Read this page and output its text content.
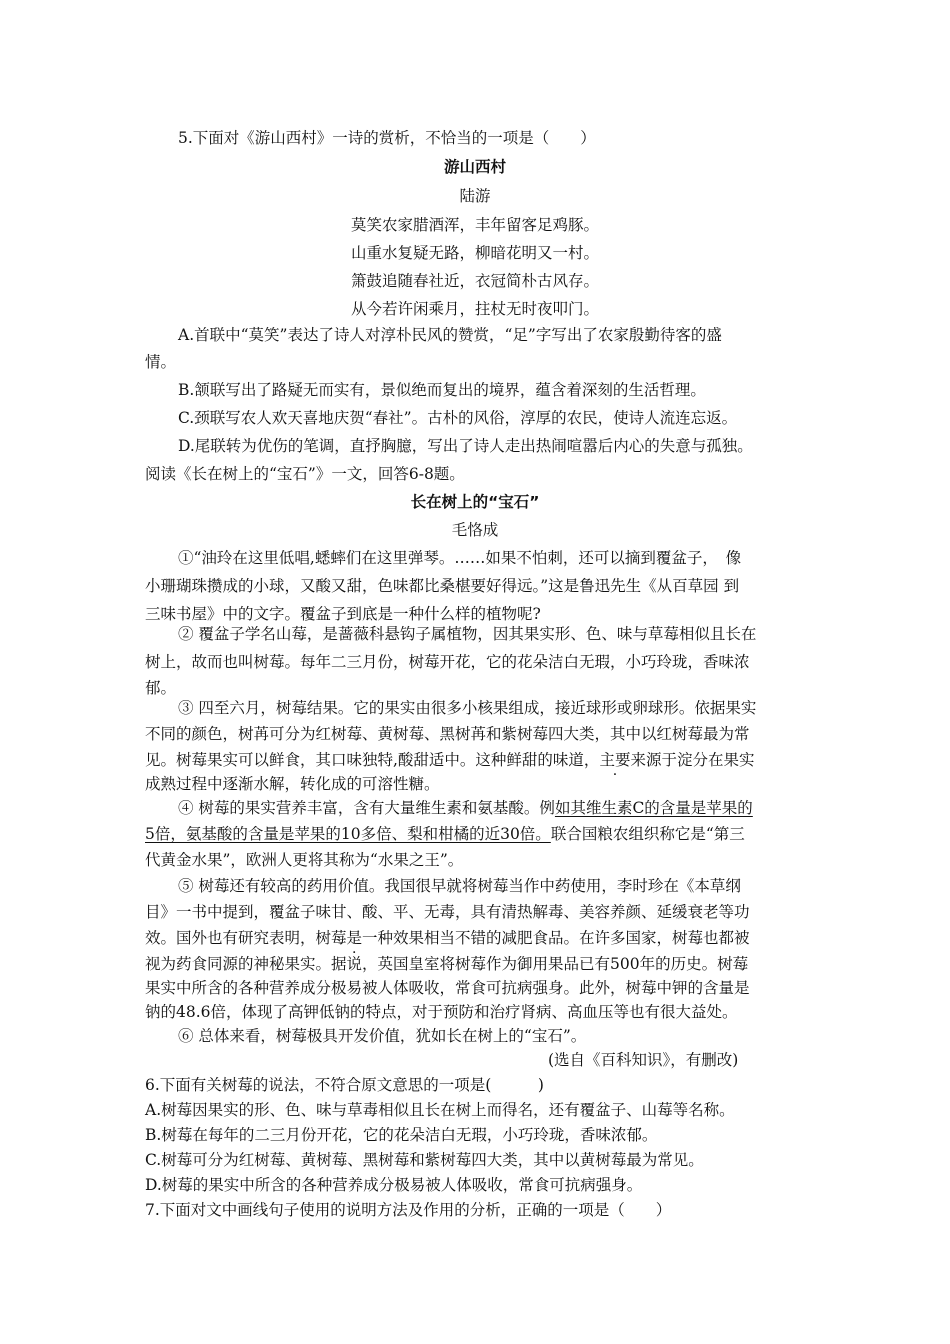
5.下面对《游山西村》一诗的赏析，不恰当的一项是（　　）
游山西村
陆游
莫笑农家腊酒浑，丰年留客足鸡豚。
山重水复疑无路，柳暗花明又一村。
箫鼓追随春社近，衣冠简朴古风存。
从今若许闲乘月，拄杖无时夜叩门。
A.首联中“莫笑”表达了诗人对淳朴民风的赞赏，“足”字写出了农家殷勤待客的盛
情。
B.颔联写出了路疑无而实有，景似绝而复出的境界，蕴含着深刻的生活哲理。
C.颈联写农人欢天喜地庆贺“春社”。古朴的风俗，淳厚的农民，使诗人流连忘返。
D.尾联转为优伤的笔调，直抒胸臆，写出了诗人走出热闹喧嚣后内心的失意与孤独。
阅读《长在树上的“宝石”》一文，回答6-8题。
长在树上的“宝石”
毛恪成
①“油玲在这里低唱,蟋蟀们在这里弹琴。……如果不怕刺，还可以摘到覆盆子，　像
小珊瑚珠攒成的小球，又酸又甜，色味都比桑椹要好得远。”这是鲁迅先生《从百草园 到
三味书屋》中的文字。覆盆子到底是一种什么样的植物呢?
② 覆盆子学名山莓，是蔷薇科悬钩子属植物，因其果实形、色、味与草莓相似且长在
树上，故而也叫树莓。每年二三月份，树莓开花，它的花朵洁白无瑕，小巧玲珑，香味浓
郁。
③ 四至六月，树莓结果。它的果实由很多小核果组成，接近球形或卵球形。依据果实
不同的颜色，树苒可分为红树莓、黄树莓、黑树苒和紫树莓四大类，其中以红树莓最为常
见。树莓果实可以鲜食，其口味独特,酸甜适中。这种鲜甜的味道，主要来源于淀分在果实
成熟过程中逐渐水解，转化成的可溶性糖。
④ 树莓的果实营养丰富，含有大量维生素和氨基酸。例如其维生素C的含量是苹果的
5倍，氨基酸的含量是苹果的10多倍、梨和柑橘的近30倍。联合国粮农组织称它是“第三
代黄金水果”，欧洲人更将其称为“水果之王”。
⑤ 树莓还有较高的药用价值。我国很早就将树莓当作中药使用，李时珍在《本草纲
目》一书中提到，覆盆子味甘、酸、平、无毒，具有清热解毒、美容养颜、延缓衰老等功
效。国外也有研究表明，树莓是一种效果相当不错的减肥食品。在许多国家，树莓也都被
视为药食同源的神秘果实。据说，英国皇室将树莓作为御用果品已有500年的历史。树莓
果实中所含的各种营养成分极易被人体吸收，常食可抗病强身。此外，树莓中钾的含量是
钠的48.6倍，体现了高钾低钠的特点，对于预防和治疗肾病、高血压等也有很大益处。
⑥ 总体来看，树莓极具开发价值，犹如长在树上的“宝石”。
(选自《百科知识》，有删改)
6.下面有关树莓的说法，不符合原文意思的一项是(　　　)
A.树莓因果实的形、色、味与草毒相似且长在树上而得名，还有覆盆子、山莓等名称。
B.树莓在每年的二三月份开花，它的花朵洁白无瑕，小巧玲珑，香味浓郁。
C.树莓可分为红树莓、黄树莓、黑树莓和紫树莓四大类，其中以黄树莓最为常见。
D.树莓的果实中所含的各种营养成分极易被人体吸收，常食可抗病强身。
7.下面对文中画线句子使用的说明方法及作用的分析，正确的一项是（　　）
